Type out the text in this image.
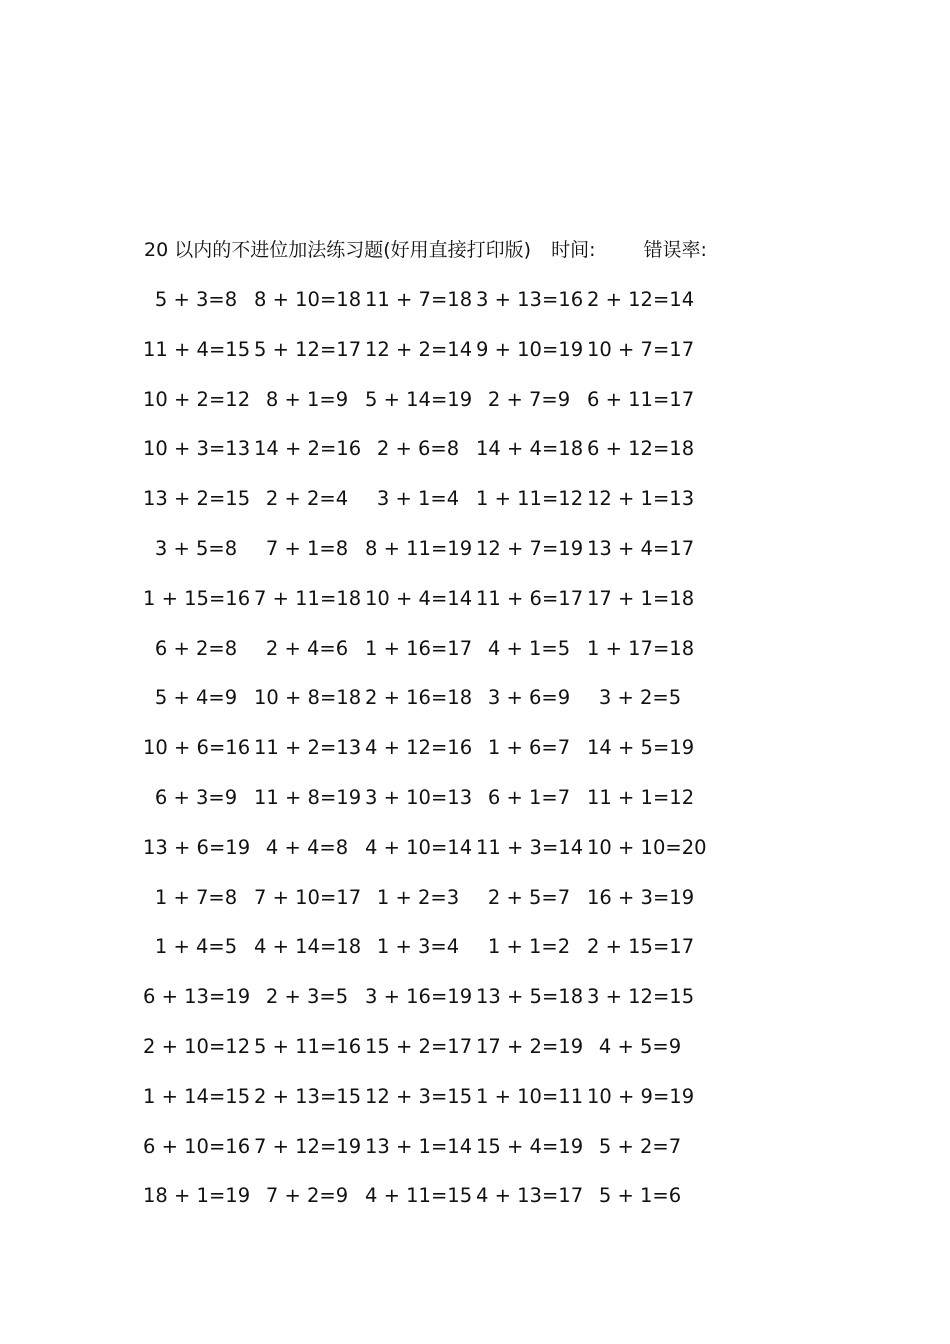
20 以内的不进位加法练习题(好用直接打印版) 时间:	错误率:
5 + 3=8 8 + 10=18 11 + 7=18 3 + 13=16 2 + 12=14
11 + 4=15 5 + 12=17 12 + 2=14 9 + 10=19 10 + 7=17
10 + 2=12 8 + 1=9 5 + 14=19 2 + 7=9 6 + 11=17
10 + 3=13 14 + 2=16 2 + 6=8 14 + 4=18 6 + 12=18
13 + 2=15 2 + 2=4	3 + 1=4 1 + 11=12 12 + 1=13
3 + 5=8	7 + 1=8 8 + 11=19 12 + 7=19 13 + 4=17
1 + 15=16 7 + 11=18 10 + 4=14 11 + 6=17 17 + 1=18
6 + 2=8	2 + 4=6 1 + 16=17 4 + 1=5 1 + 17=18
5 + 4=9 10 + 8=18 2 + 16=18 3 + 6=9	3 + 2=5
10 + 6=16 11 + 2=13 4 + 12=16 1 + 6=7 14 + 5=19
6 + 3=9 11 + 8=19 3 + 10=13 6 + 1=7 11 + 1=12
13 + 6=19 4 + 4=8 4 + 10=14 11 + 3=14 10 + 10=20
1 + 7=8 7 + 10=17 1 + 2=3	2 + 5=7 16 + 3=19
1 + 4=5 4 + 14=18 1 + 3=4	1 + 1=2 2 + 15=17
6 + 13=19 2 + 3=5 3 + 16=19 13 + 5=18 3 + 12=15
2 + 10=12 5 + 11=16 15 + 2=17 17 + 2=19 4 + 5=9
1 + 14=15 2 + 13=15 12 + 3=15 1 + 10=11 10 + 9=19
6 + 10=16 7 + 12=19 13 + 1=14 15 + 4=19 5 + 2=7
18 + 1=19 7 + 2=9 4 + 11=15 4 + 13=17 5 + 1=6
